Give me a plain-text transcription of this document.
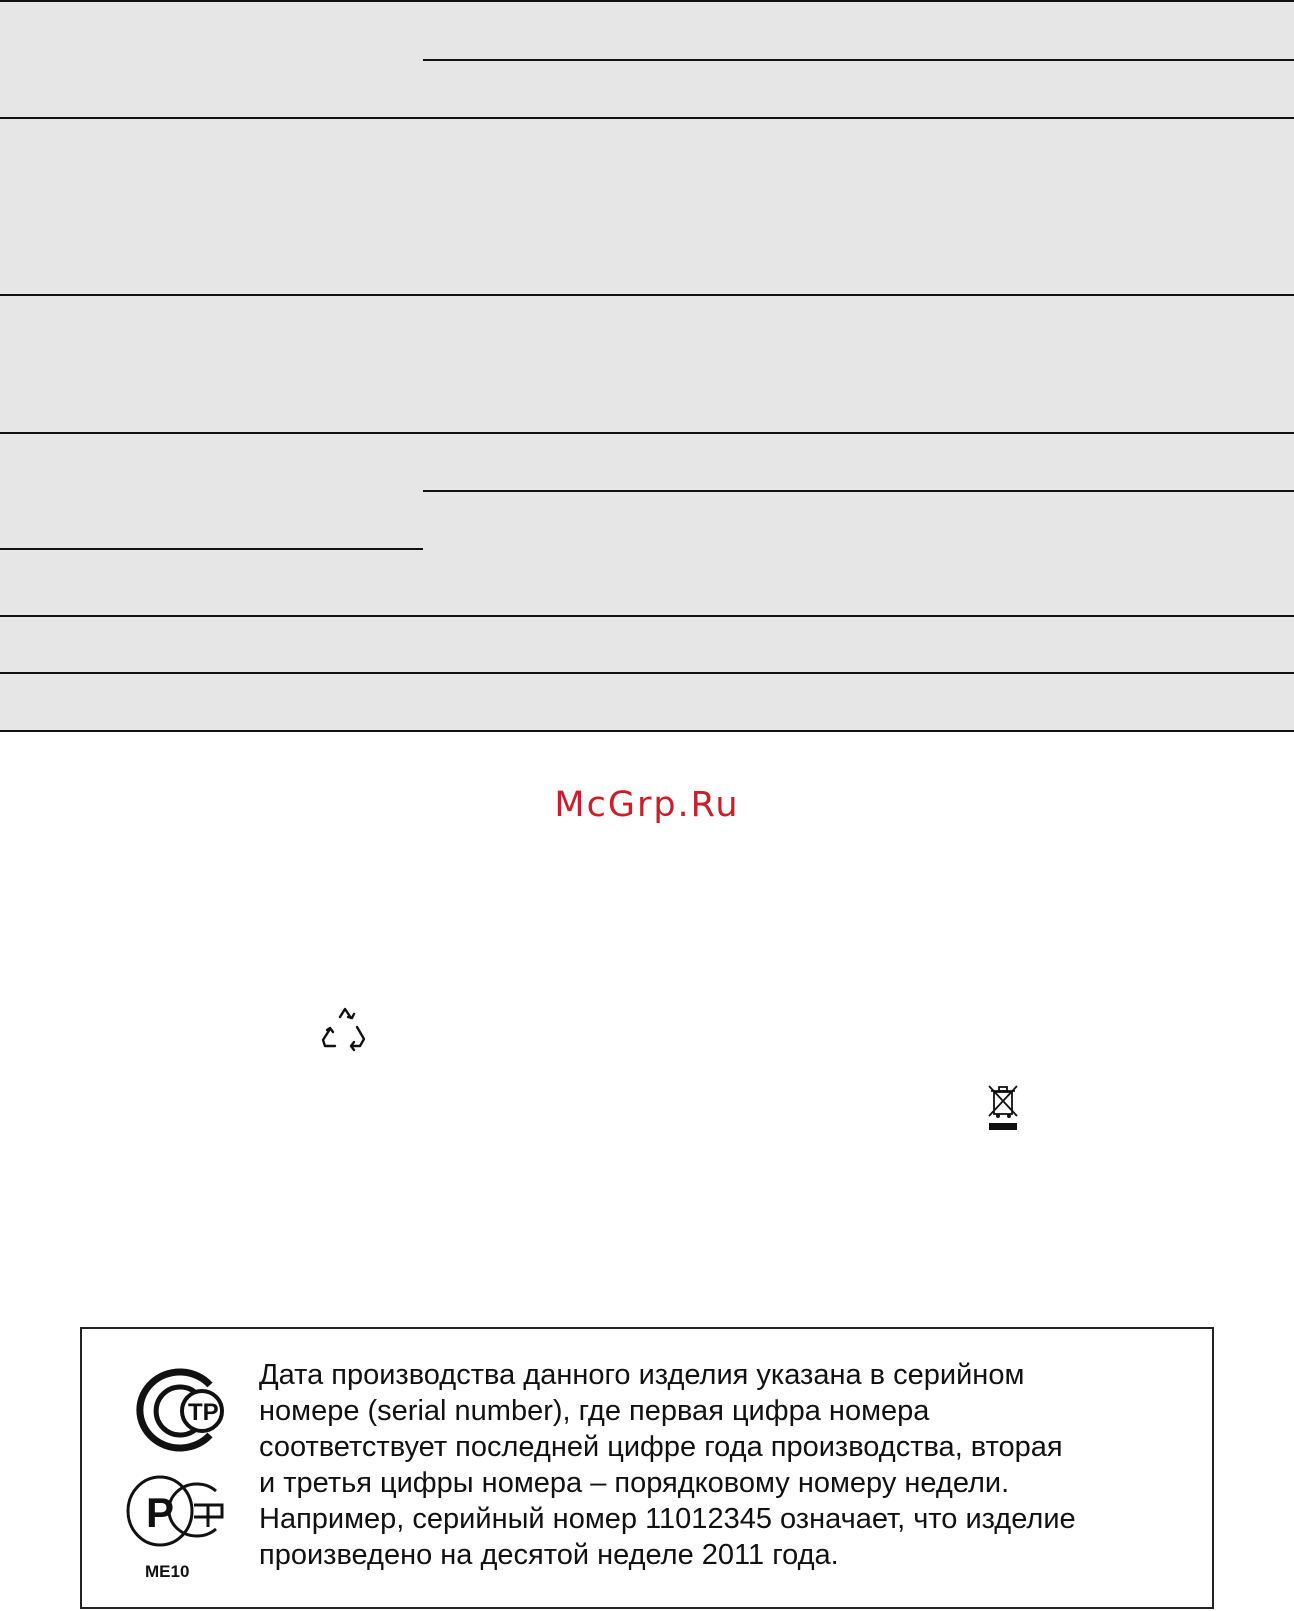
McGrp.Ru
TP
P
ME10
Дата производства данного изделия указана в серийном
номере (serial number), где первая цифра номера
соответствует последней цифре года производства, вторая
и третья цифры номера – порядковому номеру недели.
Например, серийный номер 11012345 означает, что изделие
произведено на десятой неделе 2011 года.
